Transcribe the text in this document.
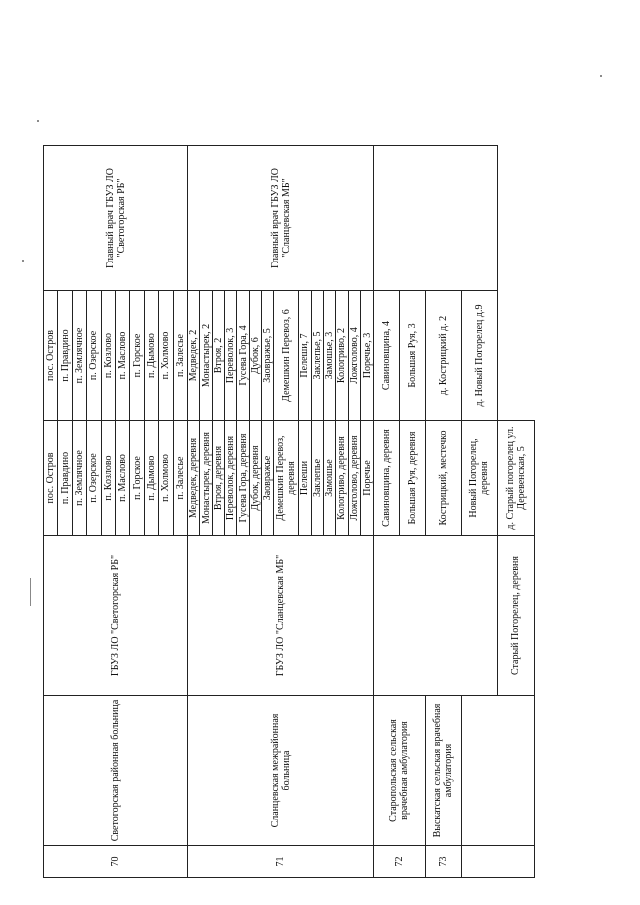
70	Светогорская районная больница	ГБУЗ ЛО "Светогорская РБ"	пос. Остров	пос. Остров	Главный врач ГБУЗ ЛО "Светогорская РБ"
			п. Правдино	п. Правдино	
			п. Землячное	п. Землячное	
			п. Озерское	п. Озерское	
			п. Козлово	п. Козлово	
			п. Маслово	п. Маслово	
			п. Горское	п. Горское	
			п. Дымово	п. Дымово	
			п. Холмово	п. Холмово	
			п. Залесье	п. Залесье	
71	Сланцевская межрайонная больница	ГБУЗ ЛО "Сланцевская МБ"	Медведек, деревня	Медведек, 2	Главный врач ГБУЗ ЛО "Сланцевская МБ"
			Монастырек, деревня	Монастырек, 2	
			Втроя, деревня	Втроя, 2	
			Переволок, деревня	Переволок, 3	
			Гусева Гора, деревня	Гусева Гора, 4	
			Дубок, деревня	Дубок, 6	
			Заовражье	Заовражье, 5	
			Демешкин Перевоз, деревня	Демешкин Перевоз, 6	
			Пелеши	Пелеши, 7	
			Заклепье	Заклепье, 5	
			Замошье	Замошье, 3	
			Кологриво, деревня	Кологриво, 2	
			Ложголово, деревня	Ложголово, 4	
			Поречье	Поречье, 3	
72	Старопольская сельская врачебная амбулатория		Савиновщина, деревня	Савиновщина, 4	
			Большая Руя, деревня	Большая Руя, 3	
73	Выскатская сельская врачебная амбулатория		Кострицкий, местечко	д. Кострицкий д. 2	
			Новый Погорелец, деревня	д. Новый Погорелец д.9	
		Старый Погорелец, деревня	д. Старый погорелец ул. Деревенская, 5		
